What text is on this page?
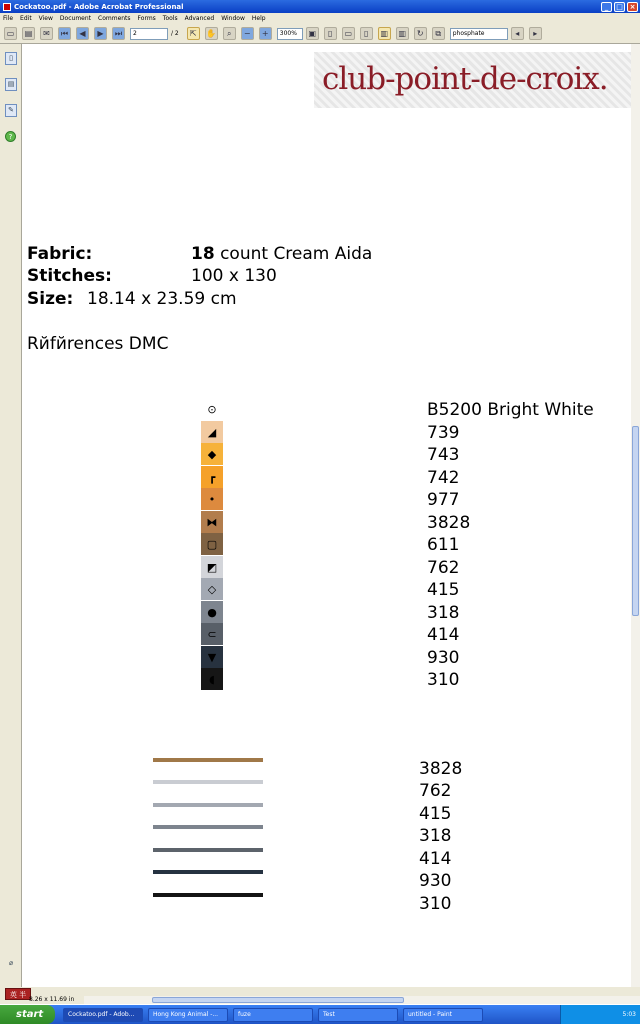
Cockatoo.pdf - Adobe Acrobat Professional	_	□ ×
File Edit View Document Comments Forms Tools Advanced Window Help
▭	▤	✉	⏮	◀	▶	⏭
2	/ 2	⇱	✋	⌕	−	+
300%	▣	▯	▭	▯	▥	▥	↻	⧉
phosphate	◂	▸
▯
▤
✎
?
⌀
club-point-de-croix.
Fabric:	18 count Cream Aida
Stitches:	100 x 130
Size: 18.14 x 23.59 cm
Rйfйrences DMC
⊙	B5200 Bright White
◢	739
◆	743
┏	742
•	977
⧓	3828
▢	611
◩	762
◇	415
●	318
⊂	414
▼	930
◖	310
3828
762
415
318
414
930
310
英 半
8.26 x 11.69 in
start	Cockatoo.pdf - Adob...	Hong Kong Animal -...	fuze	Test	untitled - Paint	5:03
